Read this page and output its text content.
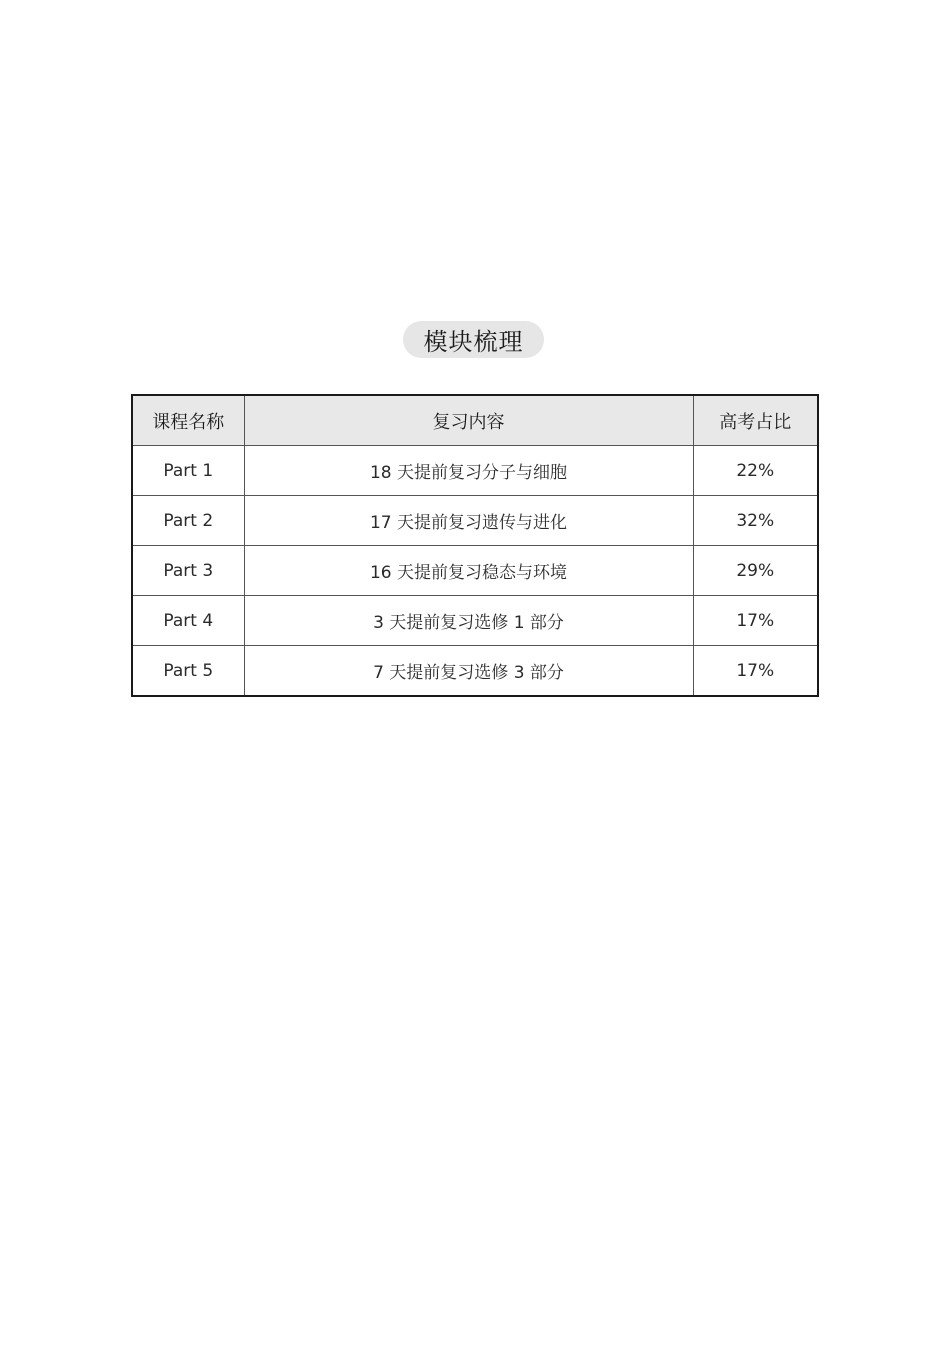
模块梳理
课程名称	复习内容	高考占比
Part 1	18 天提前复习分子与细胞	22%
Part 2	17 天提前复习遗传与进化	32%
Part 3	16 天提前复习稳态与环境	29%
Part 4	3 天提前复习选修 1 部分	17%
Part 5	7 天提前复习选修 3 部分	17%
